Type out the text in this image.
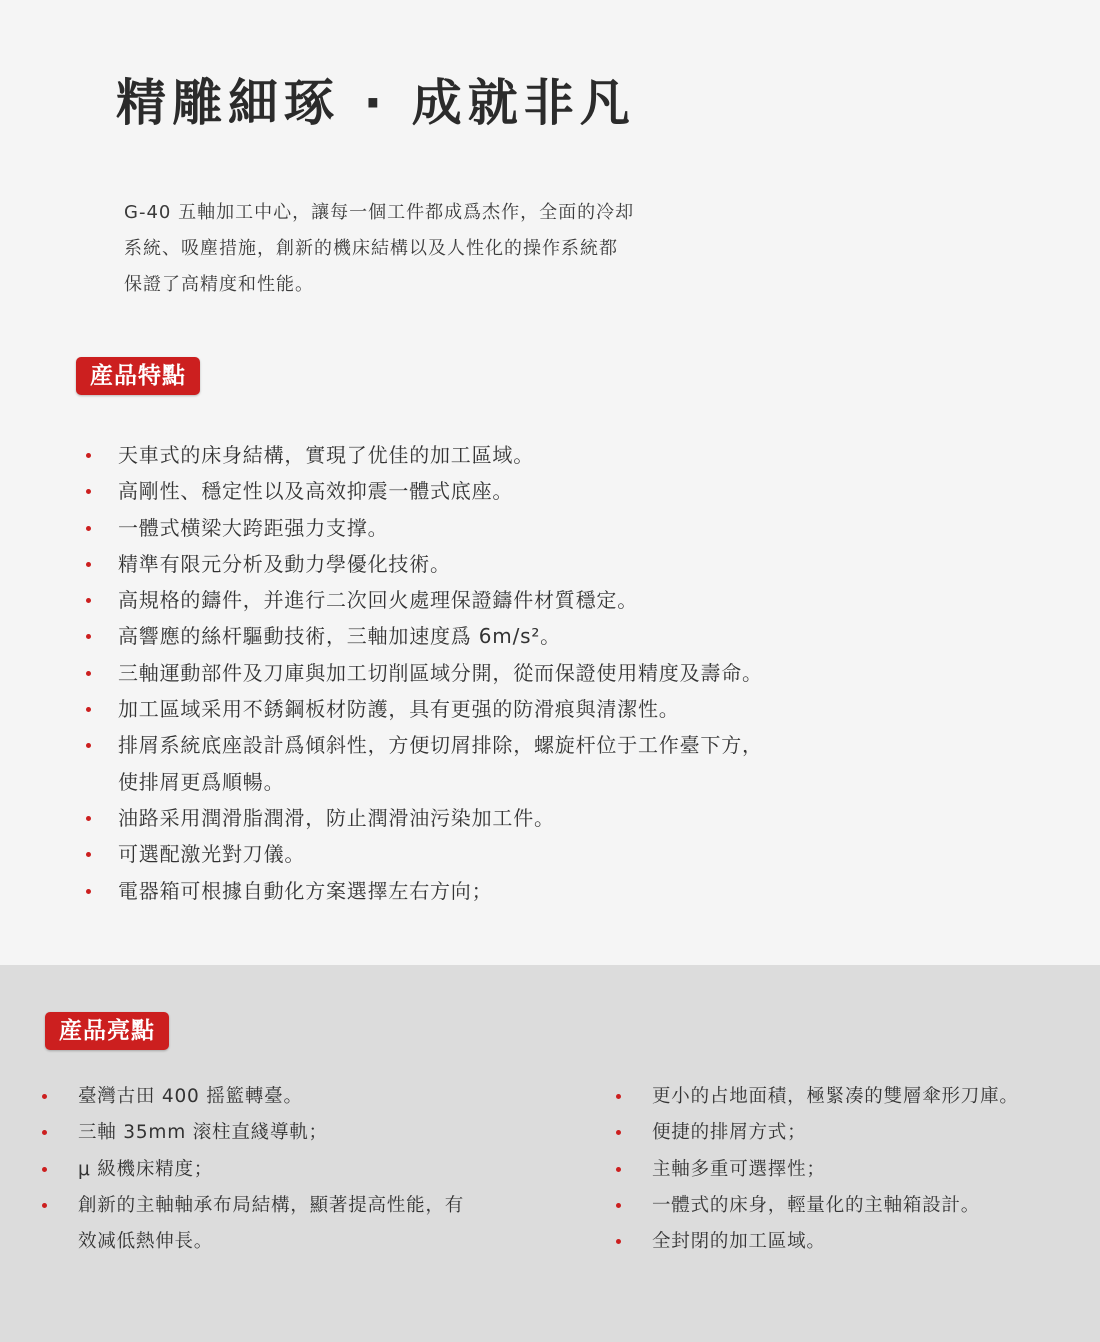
精雕細琢 · 成就非凡
G-40 五軸加工中心，讓每一個工件都成爲杰作，全面的冷却
系統、吸塵措施，創新的機床結構以及人性化的操作系統都
保證了高精度和性能。
産品特點
天車式的床身結構，實現了优佳的加工區域。
高剛性、穩定性以及高效抑震一體式底座。
一體式横梁大跨距强力支撑。
精準有限元分析及動力學優化技術。
高規格的鑄件，并進行二次回火處理保證鑄件材質穩定。
高響應的絲杆驅動技術，三軸加速度爲 6m/s²。
三軸運動部件及刀庫與加工切削區域分開，從而保證使用精度及壽命。
加工區域采用不銹鋼板材防護，具有更强的防滑痕與清潔性。
排屑系統底座設計爲傾斜性，方便切屑排除，螺旋杆位于工作臺下方，
使排屑更爲順暢。
油路采用潤滑脂潤滑，防止潤滑油污染加工件。
可選配激光對刀儀。
電器箱可根據自動化方案選擇左右方向；
産品亮點
臺灣古田 400 摇籃轉臺。
三軸 35mm 滚柱直綫導軌；
μ 級機床精度；
創新的主軸軸承布局結構，顯著提高性能，有
效减低熱伸長。
更小的占地面積，極緊凑的雙層傘形刀庫。
便捷的排屑方式；
主軸多重可選擇性；
一體式的床身，輕量化的主軸箱設計。
全封閉的加工區域。
